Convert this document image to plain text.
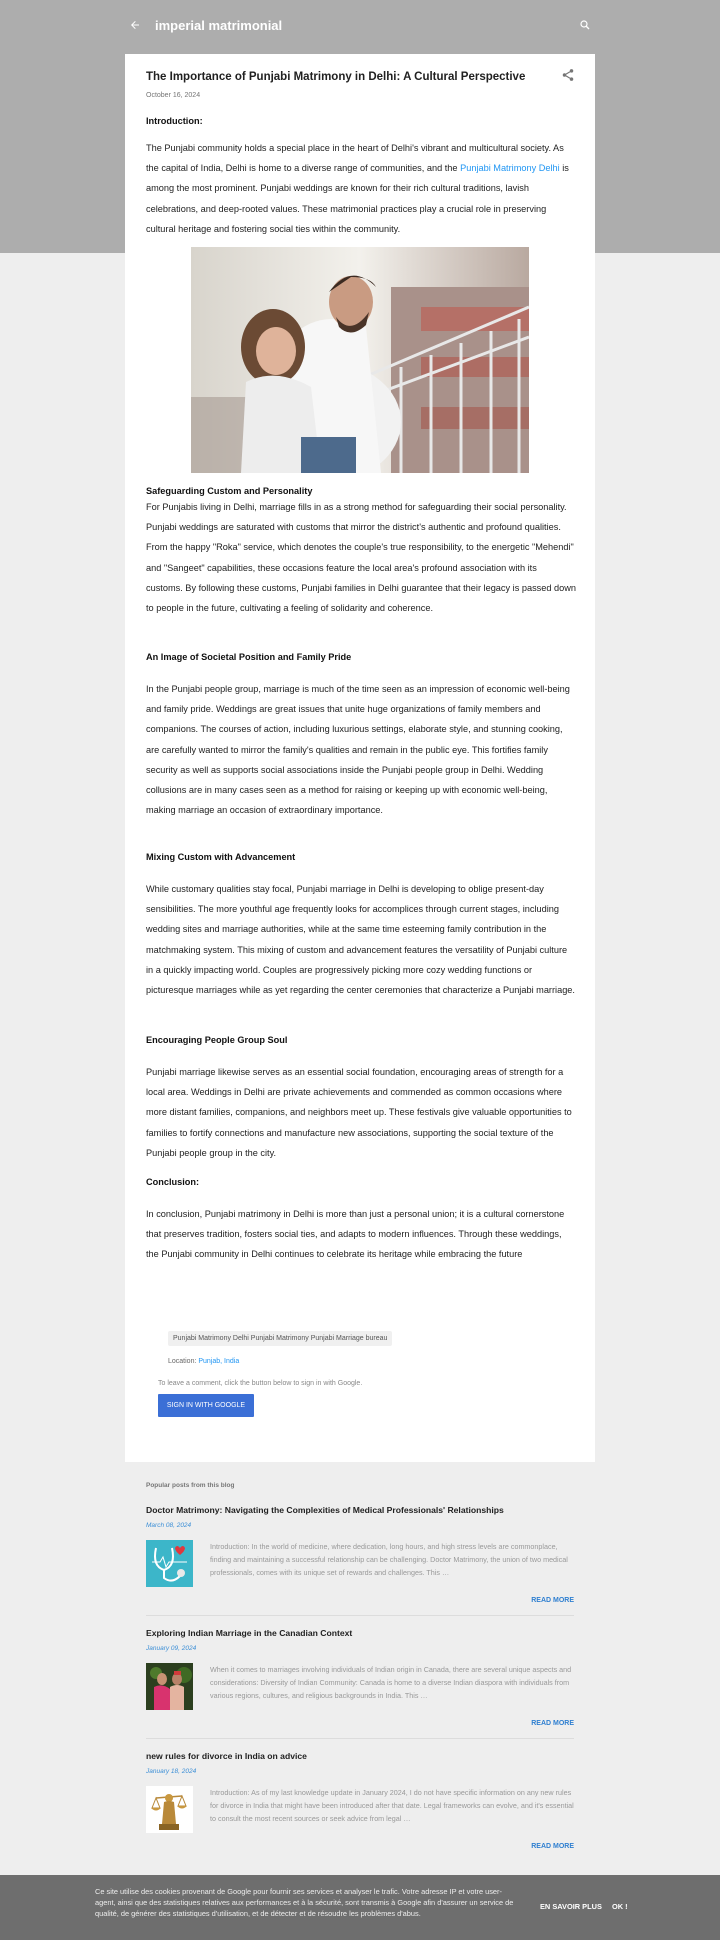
imperial matrimonial
The Importance of Punjabi Matrimony in Delhi: A Cultural Perspective
October 16, 2024
Introduction:
The Punjabi community holds a special place in the heart of Delhi's vibrant and multicultural society. As the capital of India, Delhi is home to a diverse range of communities, and the Punjabi Matrimony Delhi is among the most prominent. Punjabi weddings are known for their rich cultural traditions, lavish celebrations, and deep-rooted values. These matrimonial practices play a crucial role in preserving cultural heritage and fostering social ties within the community.
Safeguarding Custom and Personality
For Punjabis living in Delhi, marriage fills in as a strong method for safeguarding their social personality. Punjabi weddings are saturated with customs that mirror the district's authentic and profound qualities. From the happy "Roka" service, which denotes the couple's true responsibility, to the energetic "Mehendi" and "Sangeet" capabilities, these occasions feature the local area's profound association with its customs. By following these customs, Punjabi families in Delhi guarantee that their legacy is passed down to people in the future, cultivating a feeling of solidarity and coherence.
An Image of Societal Position and Family Pride
In the Punjabi people group, marriage is much of the time seen as an impression of economic well-being and family pride. Weddings are great issues that unite huge organizations of family members and companions. The courses of action, including luxurious settings, elaborate style, and stunning cooking, are carefully wanted to mirror the family's qualities and remain in the public eye. This fortifies family security as well as supports social associations inside the Punjabi people group in Delhi. Wedding collusions are in many cases seen as a method for raising or keeping up with economic well-being, making marriage an occasion of extraordinary importance.
Mixing Custom with Advancement
While customary qualities stay focal, Punjabi marriage in Delhi is developing to oblige present-day sensibilities. The more youthful age frequently looks for accomplices through current stages, including wedding sites and marriage authorities, while at the same time esteeming family contribution in the matchmaking system. This mixing of custom and advancement features the versatility of Punjabi culture in a quickly impacting world. Couples are progressively picking more cozy wedding functions or picturesque marriages while as yet regarding the center ceremonies that characterize a Punjabi marriage.
Encouraging People Group Soul
Punjabi marriage likewise serves as an essential social foundation, encouraging areas of strength for a local area. Weddings in Delhi are private achievements and commended as common occasions where more distant families, companions, and neighbors meet up. These festivals give valuable opportunities to families to fortify connections and manufacture new associations, supporting the social texture of the Punjabi people group in the city.
Conclusion:
In conclusion, Punjabi matrimony in Delhi is more than just a personal union; it is a cultural cornerstone that preserves tradition, fosters social ties, and adapts to modern influences. Through these weddings, the Punjabi community in Delhi continues to celebrate its heritage while embracing the future
Punjabi Matrimony Delhi Punjabi Matrimony Punjabi Marriage bureau
Location: Punjab, India
To leave a comment, click the button below to sign in with Google.
SIGN IN WITH GOOGLE
Popular posts from this blog
Doctor Matrimony: Navigating the Complexities of Medical Professionals' Relationships
March 08, 2024
Introduction: In the world of medicine, where dedication, long hours, and high stress levels are commonplace, finding and maintaining a successful relationship can be challenging. Doctor Matrimony, the union of two medical professionals, comes with its unique set of rewards and challenges. This …
READ MORE
Exploring Indian Marriage in the Canadian Context
January 09, 2024
When it comes to marriages involving individuals of Indian origin in Canada, there are several unique aspects and considerations: Diversity of Indian Community: Canada is home to a diverse Indian diaspora with individuals from various regions, cultures, and religious backgrounds in India. This …
READ MORE
new rules for divorce in India on advice
January 18, 2024
Introduction: As of my last knowledge update in January 2024, I do not have specific information on any new rules for divorce in India that might have been introduced after that date. Legal frameworks can evolve, and it's essential to consult the most recent sources or seek advice from legal …
READ MORE
Ce site utilise des cookies provenant de Google pour fournir ses services et analyser le trafic. Votre adresse IP et votre user-agent, ainsi que des statistiques relatives aux performances et à la sécurité, sont transmis à Google afin d'assurer un service de qualité, de générer des statistiques d'utilisation, et de détecter et de résoudre les problèmes d'abus.
EN SAVOIR PLUS OK !
